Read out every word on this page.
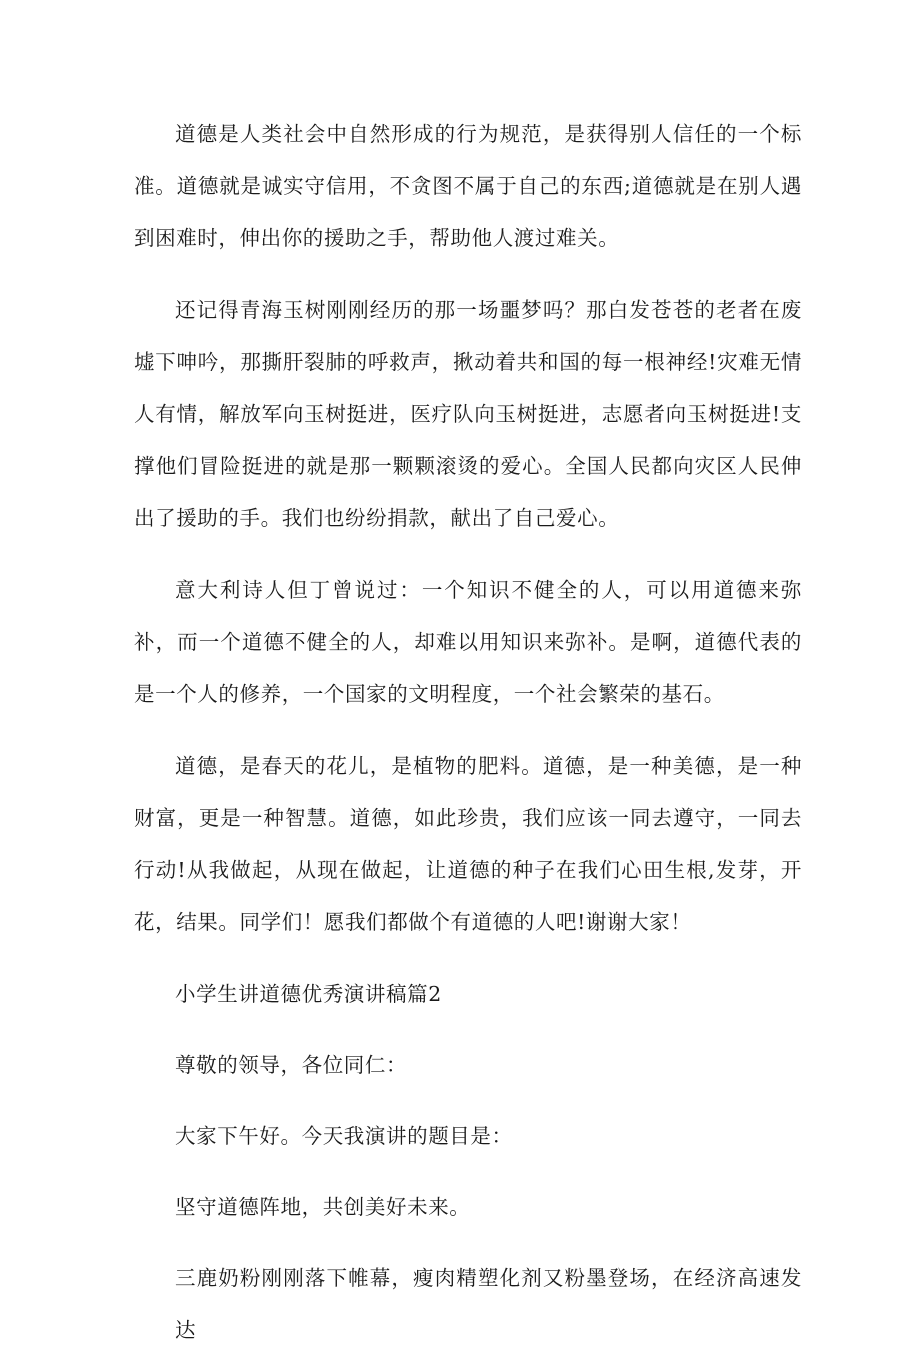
道德是人类社会中自然形成的行为规范，是获得别人信任的一个标准。道德就是诚实守信用，不贪图不属于自己的东西;道德就是在别人遇到困难时，伸出你的援助之手，帮助他人渡过难关。

还记得青海玉树刚刚经历的那一场噩梦吗？那白发苍苍的老者在废墟下呻吟，那撕肝裂肺的呼救声，揪动着共和国的每一根神经!灾难无情人有情，解放军向玉树挺进，医疗队向玉树挺进，志愿者向玉树挺进!支撑他们冒险挺进的就是那一颗颗滚烫的爱心。全国人民都向灾区人民伸出了援助的手。我们也纷纷捐款，献出了自己爱心。

意大利诗人但丁曾说过：一个知识不健全的人，可以用道德来弥补，而一个道德不健全的人，却难以用知识来弥补。是啊，道德代表的是一个人的修养，一个国家的文明程度，一个社会繁荣的基石。

道德，是春天的花儿，是植物的肥料。道德，是一种美德，是一种财富，更是一种智慧。道德，如此珍贵，我们应该一同去遵守，一同去行动!从我做起，从现在做起，让道德的种子在我们心田生根,发芽，开花，结果。同学们！愿我们都做个有道德的人吧!谢谢大家！

小学生讲道德优秀演讲稿篇2

尊敬的领导，各位同仁：

大家下午好。今天我演讲的题目是：

坚守道德阵地，共创美好未来。

三鹿奶粉刚刚落下帷幕，瘦肉精塑化剂又粉墨登场，在经济高速发达
